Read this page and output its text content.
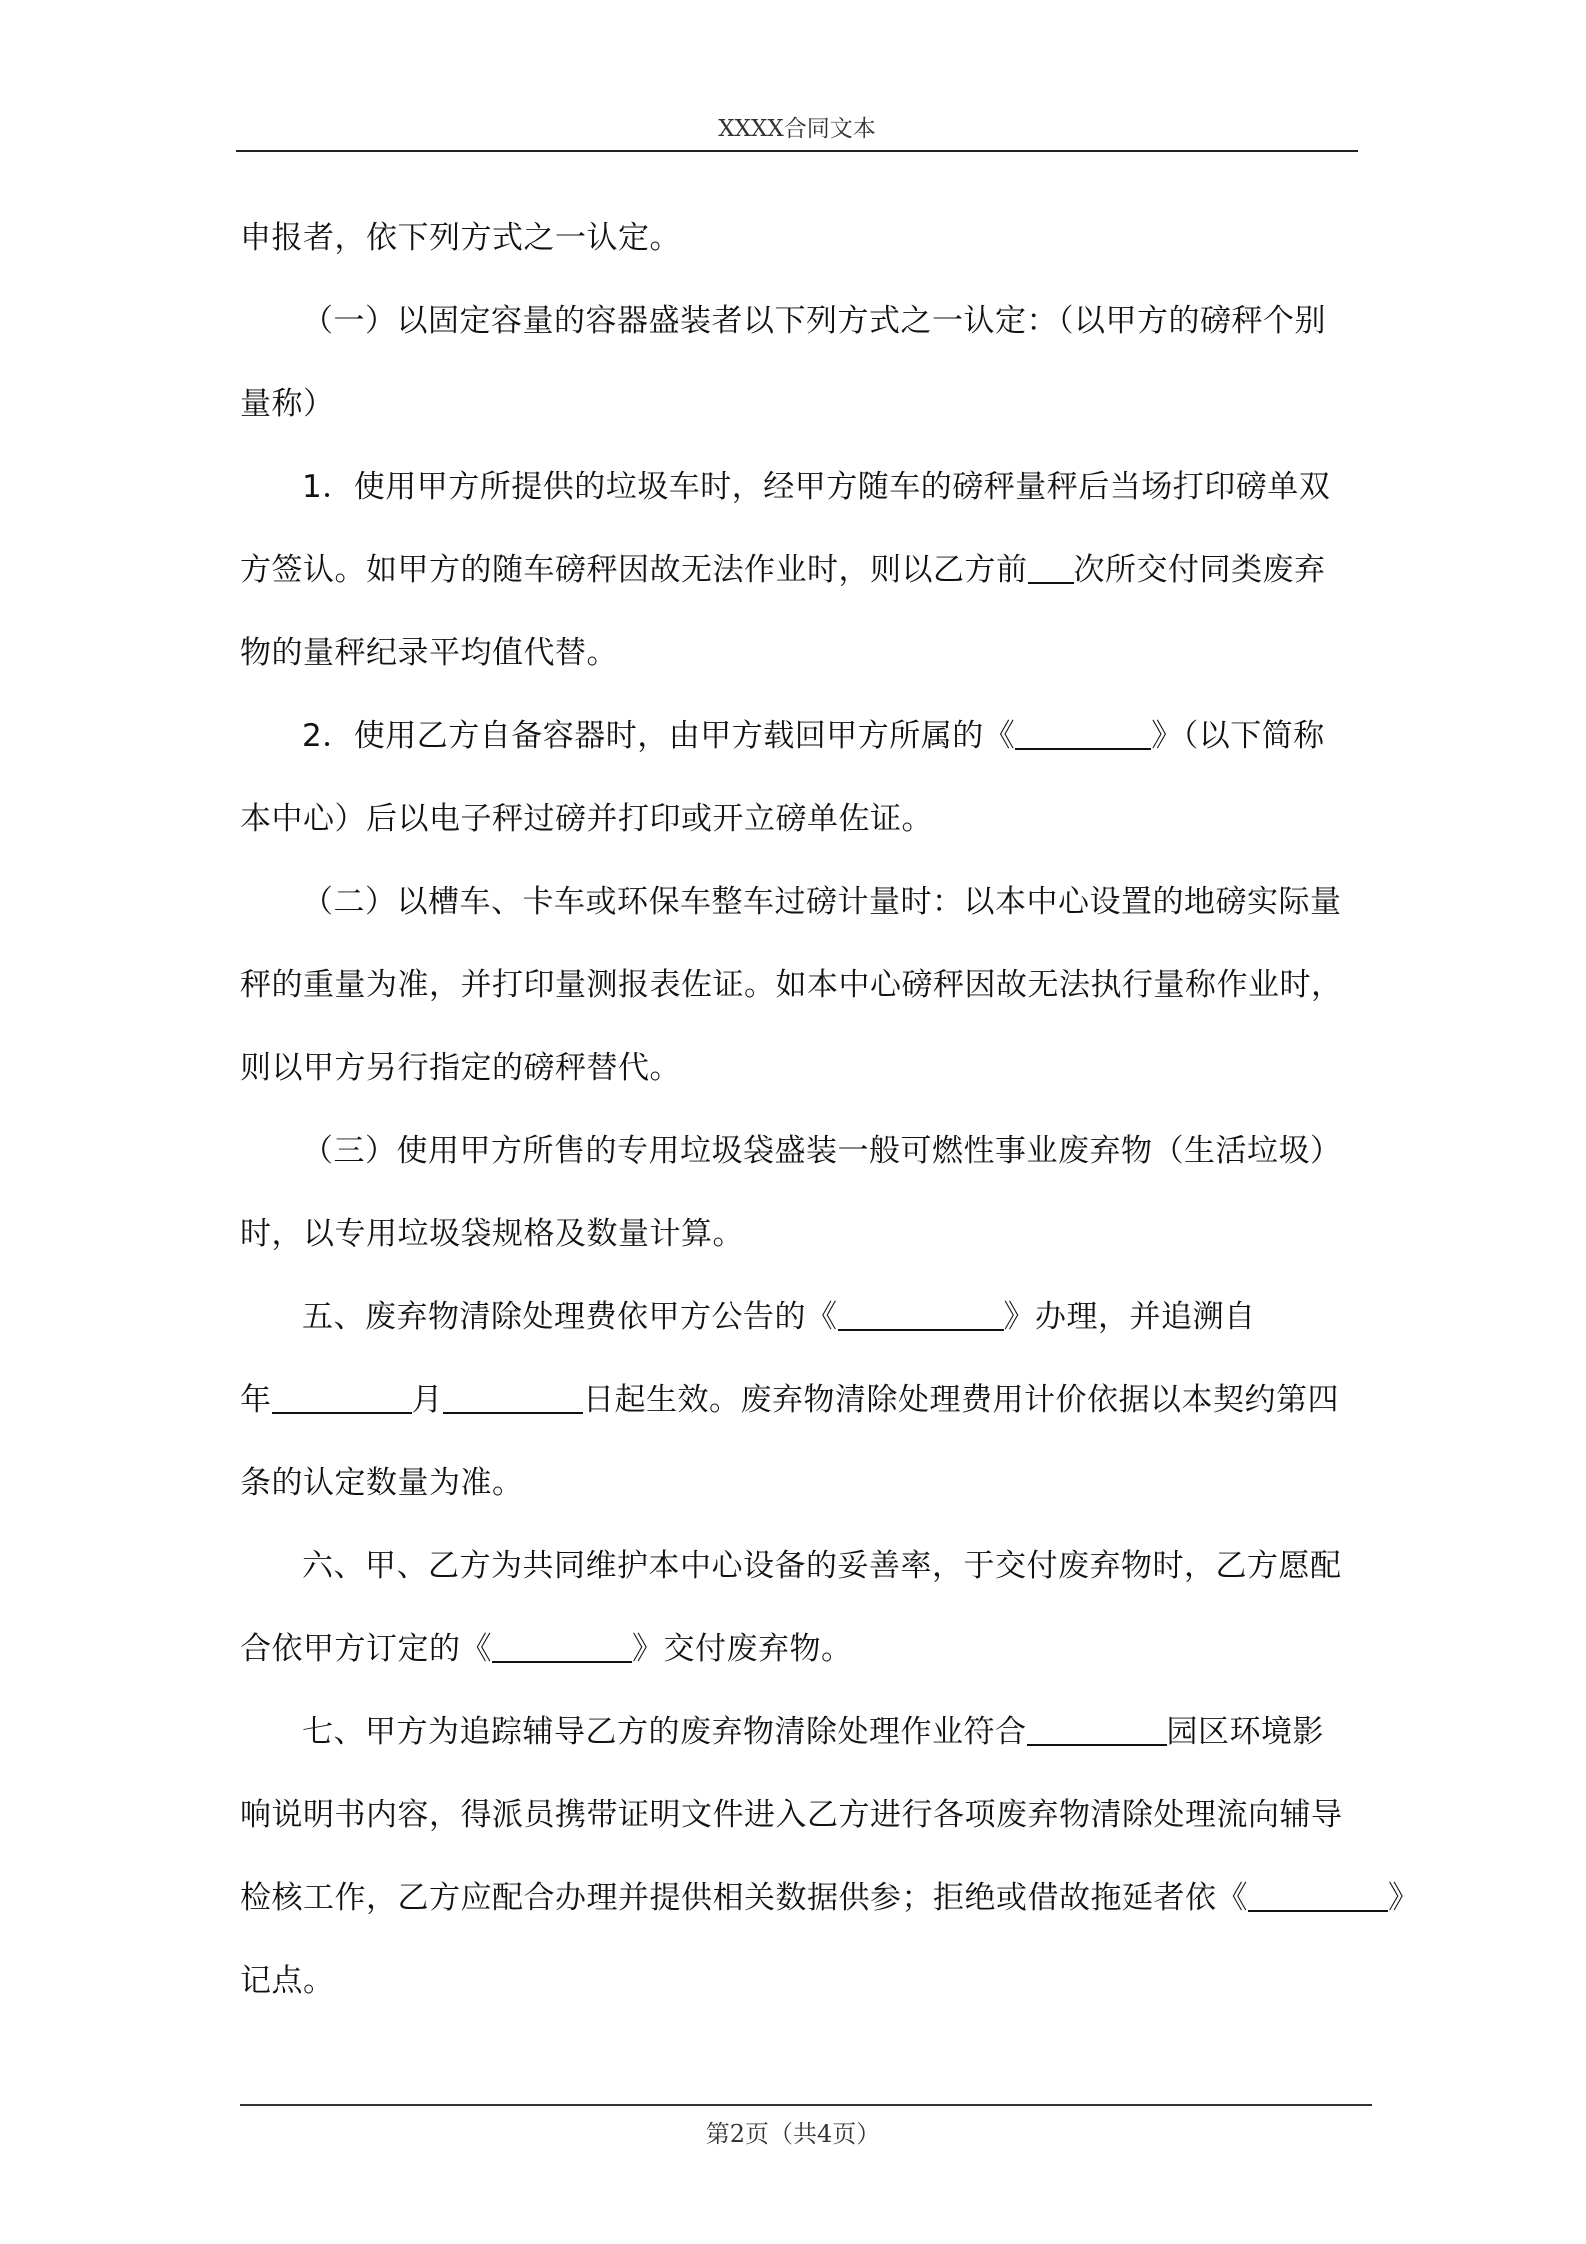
XXXX合同文本
申报者，依下列方式之一认定。
（一）以固定容量的容器盛装者以下列方式之一认定：（以甲方的磅秤个别
量称）
1．使用甲方所提供的垃圾车时，经甲方随车的磅秤量秤后当场打印磅单双
方签认。如甲方的随车磅秤因故无法作业时，则以乙方前 次所交付同类废弃
物的量秤纪录平均值代替。
2．使用乙方自备容器时，由甲方载回甲方所属的《	》（以下简称
本中心）后以电子秤过磅并打印或开立磅单佐证。
（二）以槽车、卡车或环保车整车过磅计量时：以本中心设置的地磅实际量
秤的重量为准，并打印量测报表佐证。如本中心磅秤因故无法执行量称作业时，
则以甲方另行指定的磅秤替代。
（三）使用甲方所售的专用垃圾袋盛装一般可燃性事业废弃物（生活垃圾）
时，以专用垃圾袋规格及数量计算。
五、废弃物清除处理费依甲方公告的《	》办理，并追溯自
年	月	日起生效。废弃物清除处理费用计价依据以本契约第四
条的认定数量为准。
六、甲、乙方为共同维护本中心设备的妥善率，于交付废弃物时，乙方愿配
合依甲方订定的《	》交付废弃物。
七、甲方为追踪辅导乙方的废弃物清除处理作业符合	园区环境影
响说明书内容，得派员携带证明文件进入乙方进行各项废弃物清除处理流向辅导
检核工作，乙方应配合办理并提供相关数据供参；拒绝或借故拖延者依《	》
记点。
第2页（共4页）
